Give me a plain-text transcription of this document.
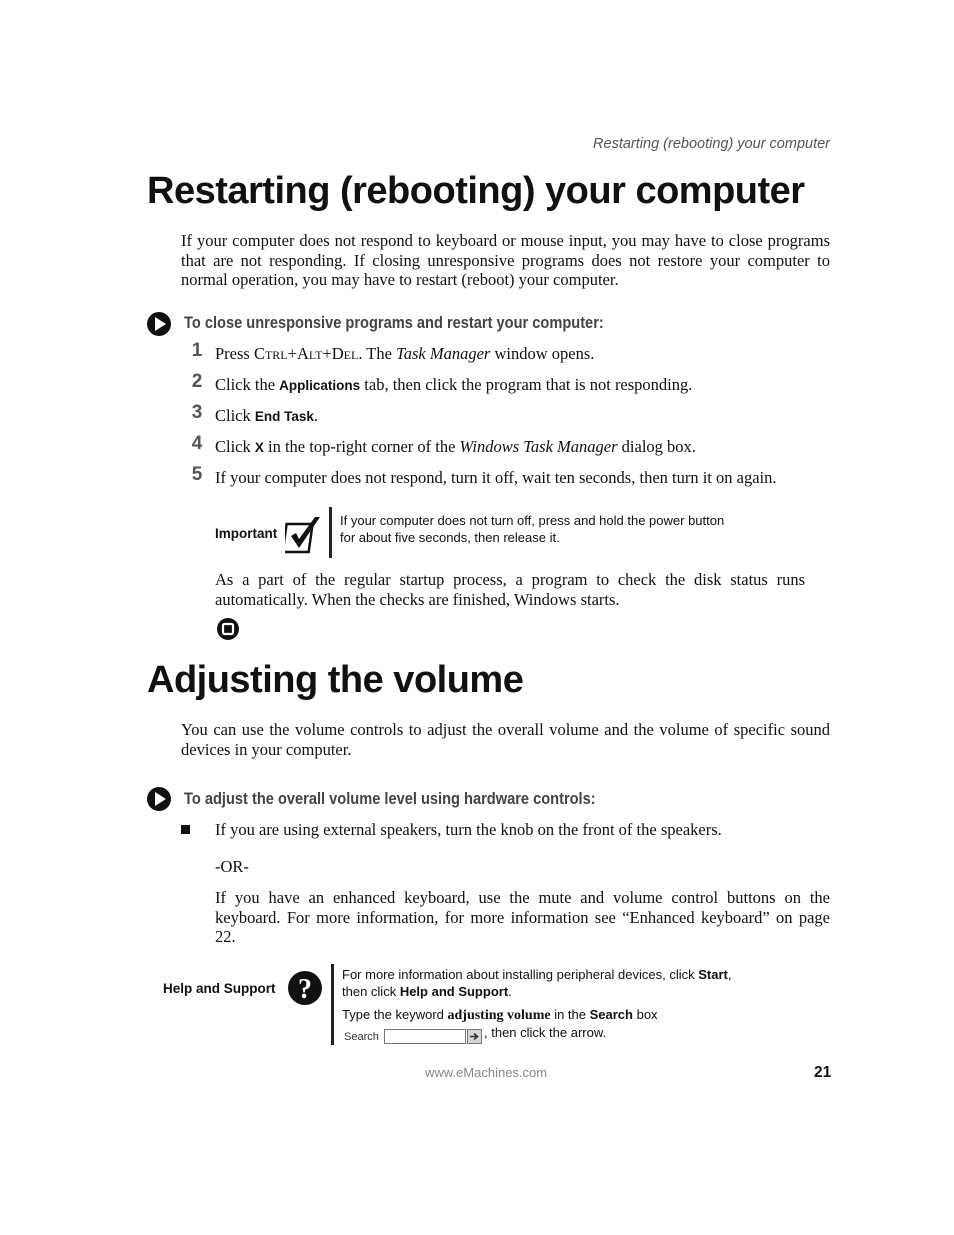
Restarting (rebooting) your computer
Restarting (rebooting) your computer
If your computer does not respond to keyboard or mouse input, you may have to close programs that are not responding. If closing unresponsive programs does not restore your computer to normal operation, you may have to restart (reboot) your computer.
To close unresponsive programs and restart your computer:
1 Press Ctrl+Alt+Del. The Task Manager window opens.
2 Click the Applications tab, then click the program that is not responding.
3 Click End Task.
4 Click X in the top-right corner of the Windows Task Manager dialog box.
5 If your computer does not respond, turn it off, wait ten seconds, then turn it on again.
Important
If your computer does not turn off, press and hold the power button
for about five seconds, then release it.
As a part of the regular startup process, a program to check the disk status runs automatically. When the checks are finished, Windows starts.
Adjusting the volume
You can use the volume controls to adjust the overall volume and the volume of specific sound devices in your computer.
To adjust the overall volume level using hardware controls:
If you are using external speakers, turn the knob on the front of the speakers.
-OR-
If you have an enhanced keyboard, use the mute and volume control buttons on the keyboard. For more information, for more information see “Enhanced keyboard” on page 22.
Help and Support ? For more information about installing peripheral devices, click Start,
then click Help and Support.
Type the keyword adjusting volume in the Search box
Search	, then click the arrow.
www.eMachines.com	21
